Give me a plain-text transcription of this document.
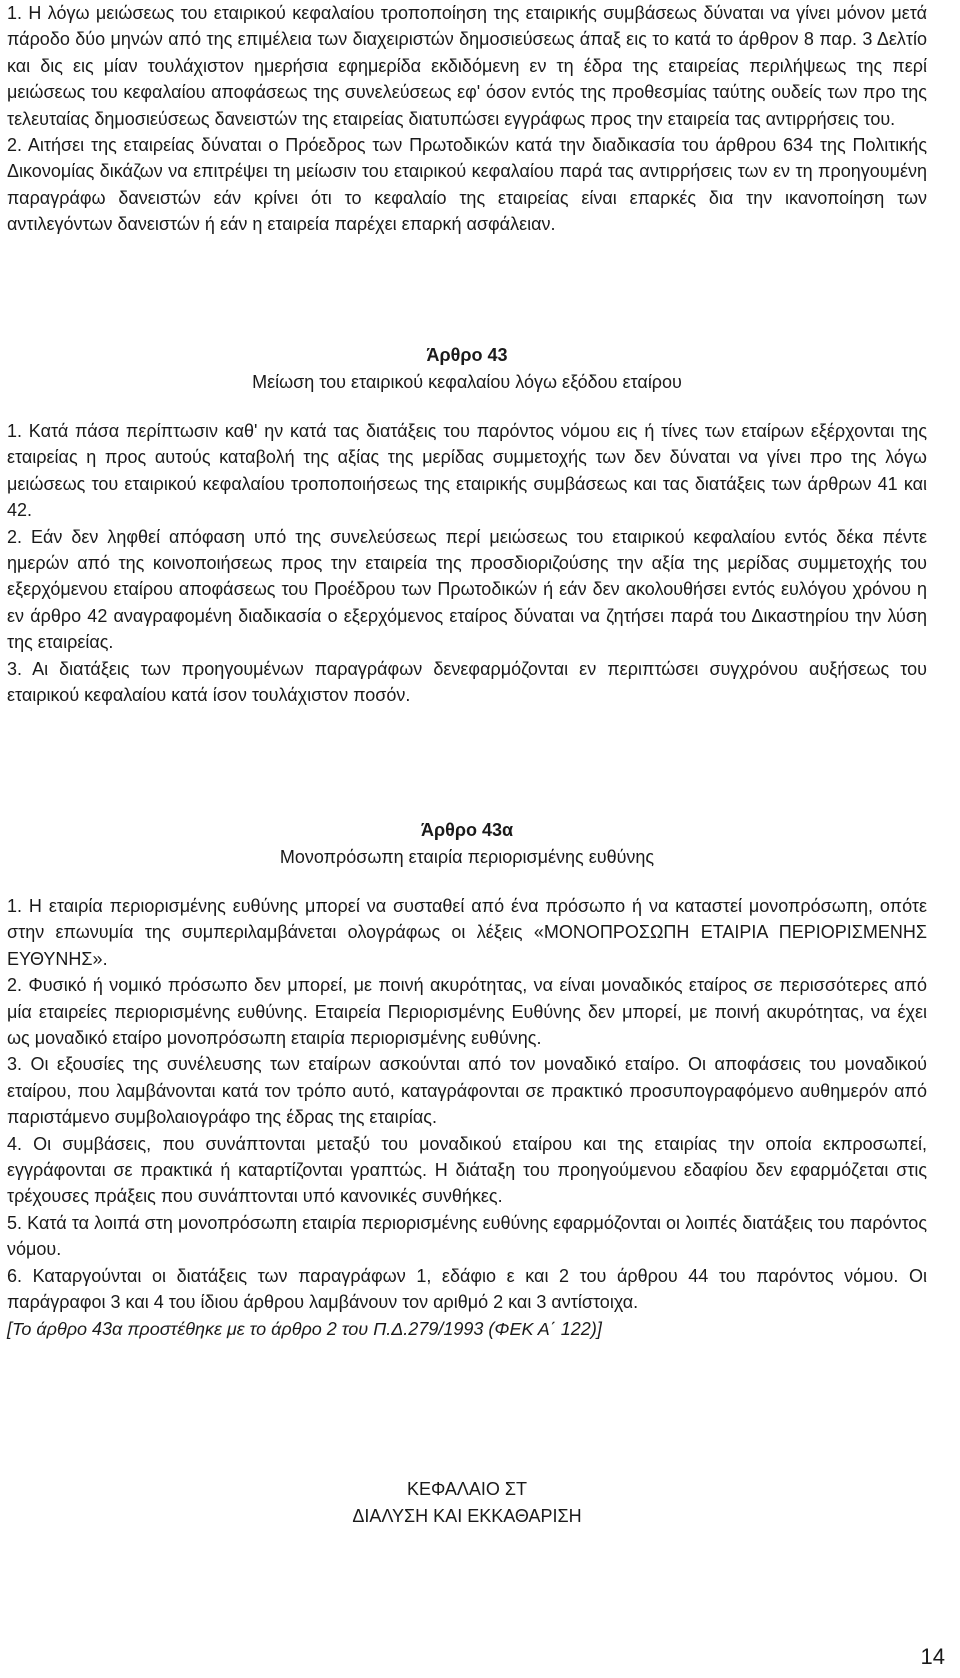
1. Η λόγω μειώσεως του εταιρικού κεφαλαίου τροποποίηση της εταιρικής συμβάσεως δύναται να γίνει μόνον μετά πάροδο δύο μηνών από της επιμέλεια των διαχειριστών δημοσιεύσεως άπαξ εις το κατά το άρθρον 8 παρ. 3 Δελτίο και δις εις μίαν τουλάχιστον ημερήσια εφημερίδα εκδιδόμενη εν τη έδρα της εταιρείας περιλήψεως της περί μειώσεως του κεφαλαίου αποφάσεως της συνελεύσεως εφ' όσον εντός της προθεσμίας ταύτης ουδείς των προ της τελευταίας δημοσιεύσεως δανειστών της εταιρείας διατυπώσει εγγράφως προς την εταιρεία τας αντιρρήσεις του.

2. Αιτήσει της εταιρείας δύναται ο Πρόεδρος των Πρωτοδικών κατά την διαδικασία του άρθρου 634 της Πολιτικής Δικονομίας δικάζων να επιτρέψει τη μείωσιν του εταιρικού κεφαλαίου παρά τας αντιρρήσεις των εν τη προηγουμένη παραγράφω δανειστών εάν κρίνει ότι το κεφαλαίο της εταιρείας είναι επαρκές δια την ικανοποίηση των αντιλεγόντων δανειστών ή εάν η εταιρεία παρέχει επαρκή ασφάλειαν.

Άρθρο 43

Μείωση του εταιρικού κεφαλαίου λόγω εξόδου εταίρου

1. Κατά πάσα περίπτωσιν καθ' ην κατά τας διατάξεις του παρόντος νόμου εις ή τίνες των εταίρων εξέρχονται της εταιρείας η προς αυτούς καταβολή της αξίας της μερίδας συμμετοχής των δεν δύναται να γίνει προ της λόγω μειώσεως του εταιρικού κεφαλαίου τροποποιήσεως της εταιρικής συμβάσεως και τας διατάξεις των άρθρων 41 και 42.

2. Εάν δεν ληφθεί απόφαση υπό της συνελεύσεως περί μειώσεως του εταιρικού κεφαλαίου εντός δέκα πέντε ημερών από της κοινοποιήσεως προς την εταιρεία της προσδιοριζούσης την αξία της μερίδας συμμετοχής του εξερχόμενου εταίρου αποφάσεως του Προέδρου των Πρωτοδικών ή εάν δεν ακολουθήσει εντός ευλόγου χρόνου η εν άρθρο 42 αναγραφομένη διαδικασία ο εξερχόμενος εταίρος δύναται να ζητήσει παρά του Δικαστηρίου την λύση της εταιρείας.

3. Αι διατάξεις των προηγουμένων παραγράφων δενεφαρμόζονται εν περιπτώσει συγχρόνου αυξήσεως του εταιρικού κεφαλαίου κατά ίσον τουλάχιστον ποσόν.

Άρθρο 43α

Μονοπρόσωπη εταιρία περιορισμένης ευθύνης

1. Η εταιρία περιορισμένης ευθύνης μπορεί να συσταθεί από ένα πρόσωπο ή να καταστεί μονοπρόσωπη, οπότε στην επωνυμία της συμπεριλαμβάνεται ολογράφως οι λέξεις «ΜΟΝΟΠΡΟΣΩΠΗ ΕΤΑΙΡΙΑ ΠΕΡΙΟΡΙΣΜΕΝΗΣ ΕΥΘΥΝΗΣ».

2. Φυσικό ή νομικό πρόσωπο δεν μπορεί, με ποινή ακυρότητας, να είναι μοναδικός εταίρος σε περισσότερες από μία εταιρείες περιορισμένης ευθύνης. Εταιρεία Περιορισμένης Ευθύνης δεν μπορεί, με ποινή ακυρότητας, να έχει ως μοναδικό εταίρο μονοπρόσωπη εταιρία περιορισμένης ευθύνης.

3. Οι εξουσίες της συνέλευσης των εταίρων ασκούνται από τον μοναδικό εταίρο. Οι αποφάσεις του μοναδικού εταίρου, που λαμβάνονται κατά τον τρόπο αυτό, καταγράφονται σε πρακτικό προσυπογραφόμενο αυθημερόν από παριστάμενο συμβολαιογράφο της έδρας της εταιρίας.

4. Οι συμβάσεις, που συνάπτονται μεταξύ του μοναδικού εταίρου και της εταιρίας την οποία εκπροσωπεί, εγγράφονται σε πρακτικά ή καταρτίζονται γραπτώς. Η διάταξη του προηγούμενου εδαφίου δεν εφαρμόζεται στις τρέχουσες πράξεις που συνάπτονται υπό κανονικές συνθήκες.

5. Κατά τα λοιπά στη μονοπρόσωπη εταιρία περιορισμένης ευθύνης εφαρμόζονται οι λοιπές διατάξεις του παρόντος νόμου.

6. Καταργούνται οι διατάξεις των παραγράφων 1, εδάφιο ε και 2 του άρθρου 44 του παρόντος νόμου. Οι παράγραφοι 3 και 4 του ίδιου άρθρου λαμβάνουν τον αριθμό 2 και 3 αντίστοιχα.

[Το άρθρο 43α προστέθηκε με το άρθρο 2 του Π.Δ.279/1993 (ΦΕΚ Α΄ 122)]

ΚΕΦΑΛΑΙΟ ΣΤ

ΔΙΑΛΥΣΗ ΚΑΙ ΕΚΚΑΘΑΡΙΣΗ

14
